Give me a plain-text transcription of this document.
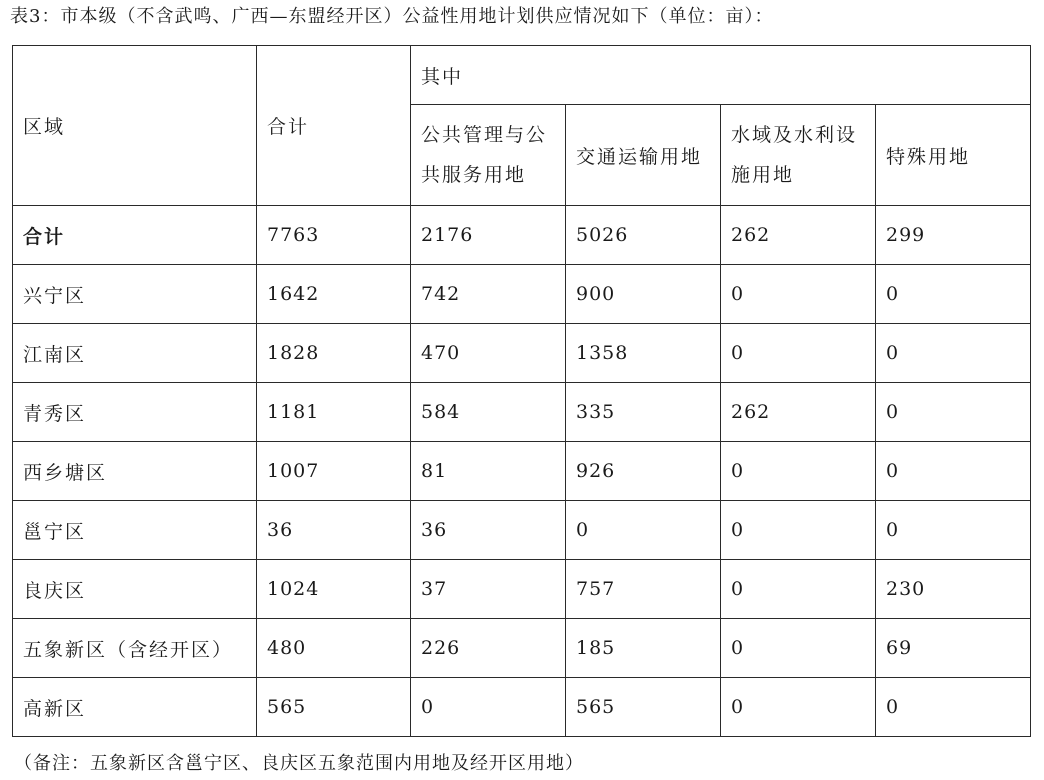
表3：市本级（不含武鸣、广西—东盟经开区）公益性用地计划供应情况如下（单位：亩）：
区域	合计	其中			
		公共管理与公共服务用地	交通运输用地	水域及水利设施用地	特殊用地
合计	7763	2176	5026	262	299
兴宁区	1642	742	900	0	0
江南区	1828	470	1358	0	0
青秀区	1181	584	335	262	0
西乡塘区	1007	81	926	0	0
邕宁区	36	36	0	0	0
良庆区	1024	37	757	0	230
五象新区（含经开区）	480	226	185	0	69
高新区	565	0	565	0	0
（备注：五象新区含邕宁区、良庆区五象范围内用地及经开区用地）
